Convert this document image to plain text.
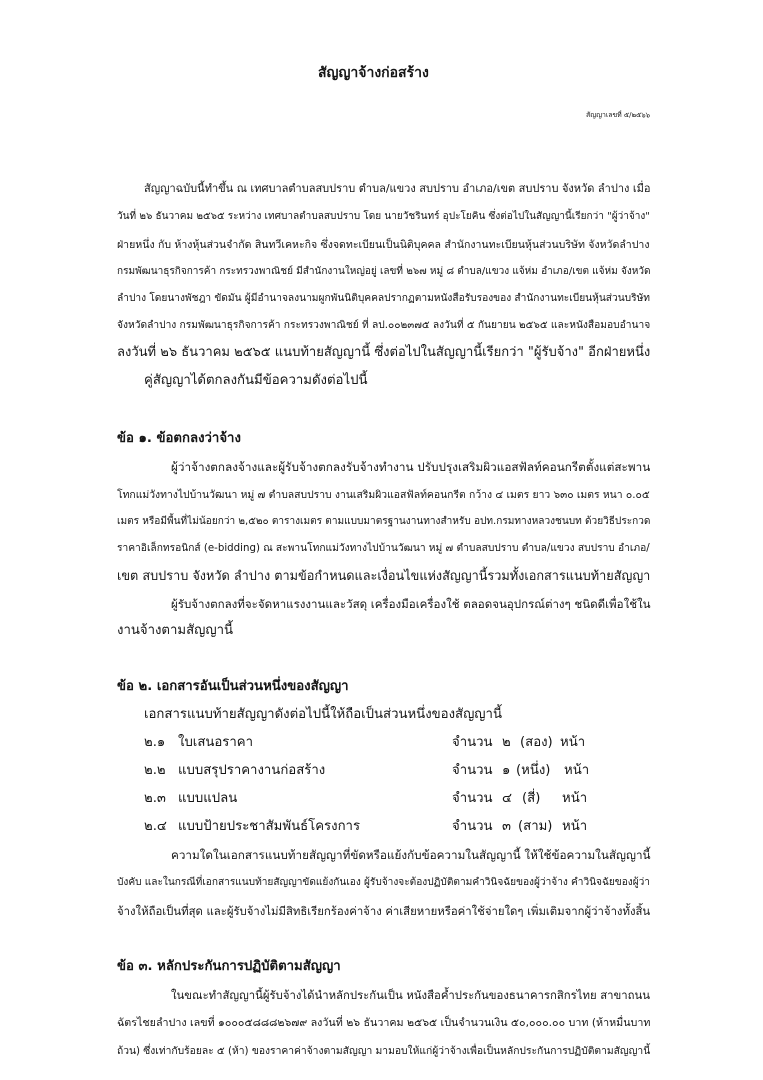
สัญญาจ้างก่อสร้าง
สัญญาเลขที่ ๕/๒๕๖๖
สัญญาฉบับนี้ทำขึ้น ณ เทศบาลตำบลสบปราบ ตำบล/แขวง สบปราบ อำเภอ/เขต สบปราบ จังหวัด ลำปาง เมื่อ
วันที่ ๒๖ ธันวาคม ๒๕๖๕ ระหว่าง เทศบาลตำบลสบปราบ โดย นายวัชรินทร์ อุปะโยคิน ซึ่งต่อไปในสัญญานี้เรียกว่า "ผู้ว่าจ้าง"
ฝ่ายหนึ่ง กับ ห้างหุ้นส่วนจำกัด สินทวีเคหะกิจ ซึ่งจดทะเบียนเป็นนิติบุคคล สำนักงานทะเบียนหุ้นส่วนบริษัท จังหวัดลำปาง
กรมพัฒนาธุรกิจการค้า กระทรวงพาณิชย์ มีสำนักงานใหญ่อยู่ เลขที่ ๒๖๗ หมู่ ๘ ตำบล/แขวง แจ้ห่ม อำเภอ/เขต แจ้ห่ม จังหวัด
ลำปาง โดยนางพัชฎา ขัดมัน ผู้มีอำนาจลงนามผูกพันนิติบุคคลปรากฏตามหนังสือรับรองของ สำนักงานทะเบียนหุ้นส่วนบริษัท
จังหวัดลำปาง กรมพัฒนาธุรกิจการค้า กระทรวงพาณิชย์ ที่ ลป.๐๐๒๓๗๕ ลงวันที่ ๕ กันยายน ๒๕๖๕ และหนังสือมอบอำนาจ
ลงวันที่ ๒๖ ธันวาคม ๒๕๖๕ แนบท้ายสัญญานี้ ซึ่งต่อไปในสัญญานี้เรียกว่า "ผู้รับจ้าง" อีกฝ่ายหนึ่ง
คู่สัญญาได้ตกลงกันมีข้อความดังต่อไปนี้
ข้อ ๑. ข้อตกลงว่าจ้าง
ผู้ว่าจ้างตกลงจ้างและผู้รับจ้างตกลงรับจ้างทำงาน ปรับปรุงเสริมผิวแอสฟัลท์คอนกรีตตั้งแต่สะพาน
โทกแม่วังทางไปบ้านวัฒนา หมู่ ๗ ตำบลสบปราบ งานเสริมผิวแอสฟัลท์คอนกรีต กว้าง ๔ เมตร ยาว ๖๓๐ เมตร หนา ๐.๐๕
เมตร หรือมีพื้นที่ไม่น้อยกว่า ๒,๕๒๐ ตารางเมตร ตามแบบมาตรฐานงานทางสำหรับ อปท.กรมทางหลวงชนบท ด้วยวิธีประกวด
ราคาอิเล็กทรอนิกส์ (e-bidding) ณ สะพานโทกแม่วังทางไปบ้านวัฒนา หมู่ ๗ ตำบลสบปราบ ตำบล/แขวง สบปราบ อำเภอ/
เขต สบปราบ จังหวัด ลำปาง ตามข้อกำหนดและเงื่อนไขแห่งสัญญานี้รวมทั้งเอกสารแนบท้ายสัญญา
ผู้รับจ้างตกลงที่จะจัดหาแรงงานและวัสดุ เครื่องมือเครื่องใช้ ตลอดจนอุปกรณ์ต่างๆ ชนิดดีเพื่อใช้ใน
งานจ้างตามสัญญานี้
ข้อ ๒. เอกสารอันเป็นส่วนหนึ่งของสัญญา
เอกสารแนบท้ายสัญญาดังต่อไปนี้ให้ถือเป็นส่วนหนึ่งของสัญญานี้
๒.๑ ใบเสนอราคา	จำนวน ๒ (สอง) หน้า
๒.๒ แบบสรุปราคางานก่อสร้าง	จำนวน ๑ (หนึ่ง) หน้า
๒.๓ แบบแปลน	จำนวน ๔ (สี่) หน้า
๒.๔ แบบป้ายประชาสัมพันธ์โครงการ	จำนวน ๓ (สาม) หน้า
ความใดในเอกสารแนบท้ายสัญญาที่ขัดหรือแย้งกับข้อความในสัญญานี้ ให้ใช้ข้อความในสัญญานี้
บังคับ และในกรณีที่เอกสารแนบท้ายสัญญาขัดแย้งกันเอง ผู้รับจ้างจะต้องปฏิบัติตามคำวินิจฉัยของผู้ว่าจ้าง คำวินิจฉัยของผู้ว่า
จ้างให้ถือเป็นที่สุด และผู้รับจ้างไม่มีสิทธิเรียกร้องค่าจ้าง ค่าเสียหายหรือค่าใช้จ่ายใดๆ เพิ่มเติมจากผู้ว่าจ้างทั้งสิ้น
ข้อ ๓. หลักประกันการปฏิบัติตามสัญญา
ในขณะทำสัญญานี้ผู้รับจ้างได้นำหลักประกันเป็น หนังสือค้ำประกันของธนาคารกสิกรไทย สาขาถนน
ฉัตรไชยลำปาง เลขที่ ๑๐๐๐๕๘๘๘๒๖๗๙ ลงวันที่ ๒๖ ธันวาคม ๒๕๖๕ เป็นจำนวนเงิน ๕๐,๐๐๐.๐๐ บาท (ห้าหมื่นบาท
ถ้วน) ซึ่งเท่ากับร้อยละ ๕ (ห้า) ของราคาค่าจ้างตามสัญญา มามอบให้แก่ผู้ว่าจ้างเพื่อเป็นหลักประกันการปฏิบัติตามสัญญานี้
